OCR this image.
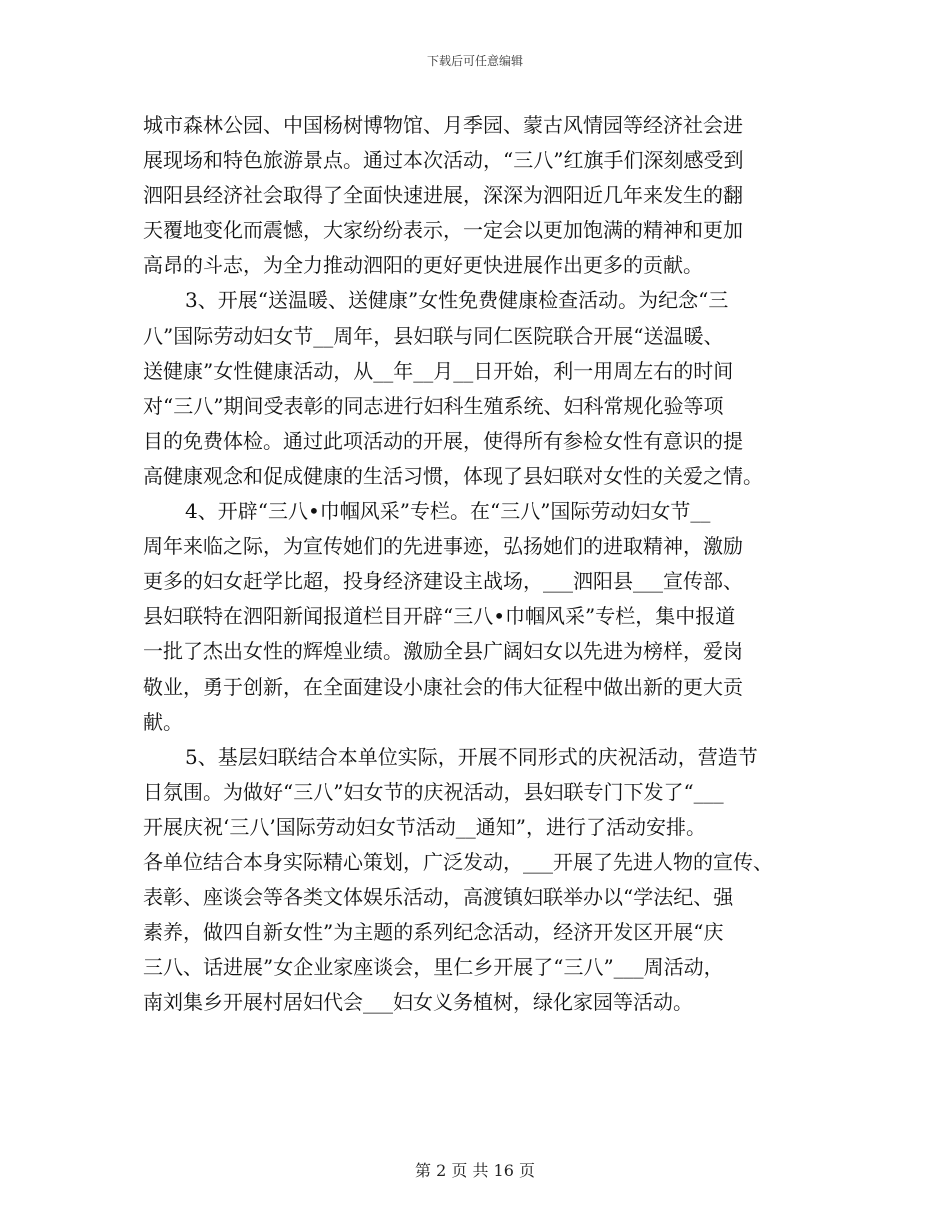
下载后可任意编辑
城市森林公园、中国杨树博物馆、月季园、蒙古风情园等经济社会进
展现场和特色旅游景点。通过本次活动，“三八”红旗手们深刻感受到
泗阳县经济社会取得了全面快速进展，深深为泗阳近几年来发生的翻
天覆地变化而震憾，大家纷纷表示，一定会以更加饱满的精神和更加
高昂的斗志，为全力推动泗阳的更好更快进展作出更多的贡献。
3、开展“送温暖、送健康”女性免费健康检查活动。为纪念“三
八”国际劳动妇女节__周年，县妇联与同仁医院联合开展“送温暖、
送健康”女性健康活动，从__年__月__日开始，利一用周左右的时间
对“三八”期间受表彰的同志进行妇科生殖系统、妇科常规化验等项
目的免费体检。通过此项活动的开展，使得所有参检女性有意识的提
高健康观念和促成健康的生活习惯，体现了县妇联对女性的关爱之情。
4、开辟“三八•巾帼风采”专栏。在“三八”国际劳动妇女节__
周年来临之际，为宣传她们的先进事迹，弘扬她们的进取精神，激励
更多的妇女赶学比超，投身经济建设主战场，___泗阳县___宣传部、
县妇联特在泗阳新闻报道栏目开辟“三八•巾帼风采”专栏，集中报道
一批了杰出女性的辉煌业绩。激励全县广阔妇女以先进为榜样，爱岗
敬业，勇于创新，在全面建设小康社会的伟大征程中做出新的更大贡
献。
5、基层妇联结合本单位实际，开展不同形式的庆祝活动，营造节
日氛围。为做好“三八”妇女节的庆祝活动，县妇联专门下发了“___
开展庆祝‘三八’国际劳动妇女节活动__通知”，进行了活动安排。
各单位结合本身实际精心策划，广泛发动，___开展了先进人物的宣传、
表彰、座谈会等各类文体娱乐活动，高渡镇妇联举办以“学法纪、强
素养，做四自新女性”为主题的系列纪念活动，经济开发区开展“庆
三八、话进展”女企业家座谈会，里仁乡开展了“三八”___周活动，
南刘集乡开展村居妇代会___妇女义务植树，绿化家园等活动。
第 2 页 共 16 页
